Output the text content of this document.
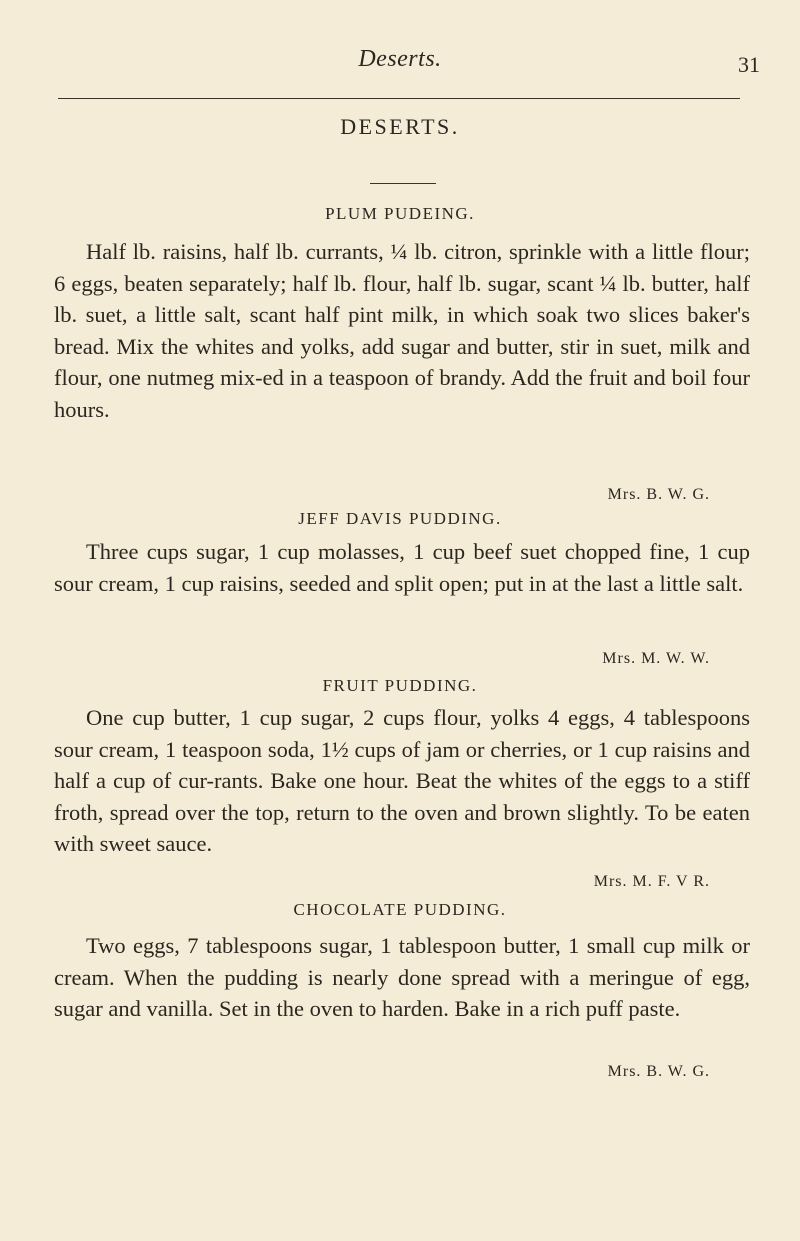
Deserts.	31
DESERTS.
PLUM PUDEING.

Half lb. raisins, half lb. currants, ¼ lb. citron, sprinkle with a little flour; 6 eggs, beaten separately; half lb. flour, half lb. sugar, scant ¼ lb. butter, half lb. suet, a little salt, scant half pint milk, in which soak two slices baker's bread. Mix the whites and yolks, add sugar and butter, stir in suet, milk and flour, one nutmeg mix-ed in a teaspoon of brandy. Add the fruit and boil four hours.

Mrs. B. W. G.
JEFF DAVIS PUDDING.

Three cups sugar, 1 cup molasses, 1 cup beef suet chopped fine, 1 cup sour cream, 1 cup raisins, seeded and split open; put in at the last a little salt.

Mrs. M. W. W.
FRUIT PUDDING.

One cup butter, 1 cup sugar, 2 cups flour, yolks 4 eggs, 4 tablespoons sour cream, 1 teaspoon soda, 1½ cups of jam or cherries, or 1 cup raisins and half a cup of cur-rants. Bake one hour. Beat the whites of the eggs to a stiff froth, spread over the top, return to the oven and brown slightly. To be eaten with sweet sauce.

Mrs. M. F. V R.
CHOCOLATE PUDDING.

Two eggs, 7 tablespoons sugar, 1 tablespoon butter, 1 small cup milk or cream. When the pudding is nearly done spread with a meringue of egg, sugar and vanilla. Set in the oven to harden. Bake in a rich puff paste.

Mrs. B. W. G.
